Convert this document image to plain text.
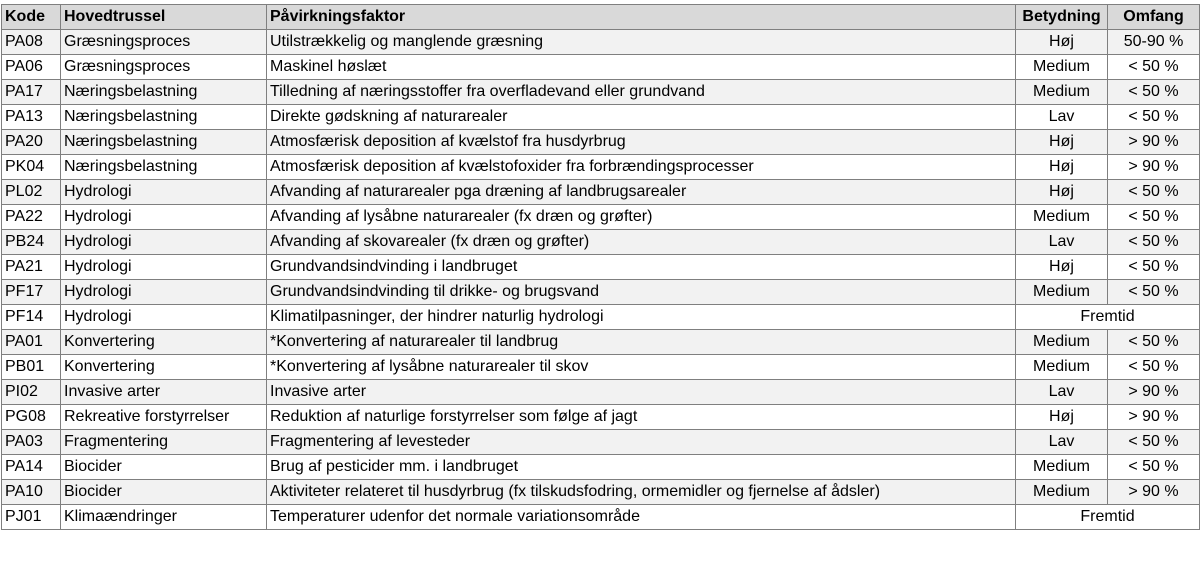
Kode	Hovedtrussel	Påvirkningsfaktor	Betydning	Omfang
PA08	Græsningsproces	Utilstrækkelig og manglende græsning	Høj	50-90 %
PA06	Græsningsproces	Maskinel høslæt	Medium	< 50 %
PA17	Næringsbelastning	Tilledning af næringsstoffer fra overfladevand eller grundvand	Medium	< 50 %
PA13	Næringsbelastning	Direkte gødskning af naturarealer	Lav	< 50 %
PA20	Næringsbelastning	Atmosfærisk deposition af kvælstof fra husdyrbrug	Høj	> 90 %
PK04	Næringsbelastning	Atmosfærisk deposition af kvælstofoxider fra forbrændingsprocesser	Høj	> 90 %
PL02	Hydrologi	Afvanding af naturarealer pga dræning af landbrugsarealer	Høj	< 50 %
PA22	Hydrologi	Afvanding af lysåbne naturarealer (fx dræn og grøfter)	Medium	< 50 %
PB24	Hydrologi	Afvanding af skovarealer (fx dræn og grøfter)	Lav	< 50 %
PA21	Hydrologi	Grundvandsindvinding i landbruget	Høj	< 50 %
PF17	Hydrologi	Grundvandsindvinding til drikke- og brugsvand	Medium	< 50 %
PF14	Hydrologi	Klimatilpasninger, der hindrer naturlig hydrologi	Fremtid	
PA01	Konvertering	*Konvertering af naturarealer til landbrug	Medium	< 50 %
PB01	Konvertering	*Konvertering af lysåbne naturarealer til skov	Medium	< 50 %
PI02	Invasive arter	Invasive arter	Lav	> 90 %
PG08	Rekreative forstyrrelser	Reduktion af naturlige forstyrrelser som følge af jagt	Høj	> 90 %
PA03	Fragmentering	Fragmentering af levesteder	Lav	< 50 %
PA14	Biocider	Brug af pesticider mm. i landbruget	Medium	< 50 %
PA10	Biocider	Aktiviteter relateret til husdyrbrug (fx tilskudsfodring, ormemidler og fjernelse af ådsler)	Medium	> 90 %
PJ01	Klimaændringer	Temperaturer udenfor det normale variationsområde	Fremtid	
